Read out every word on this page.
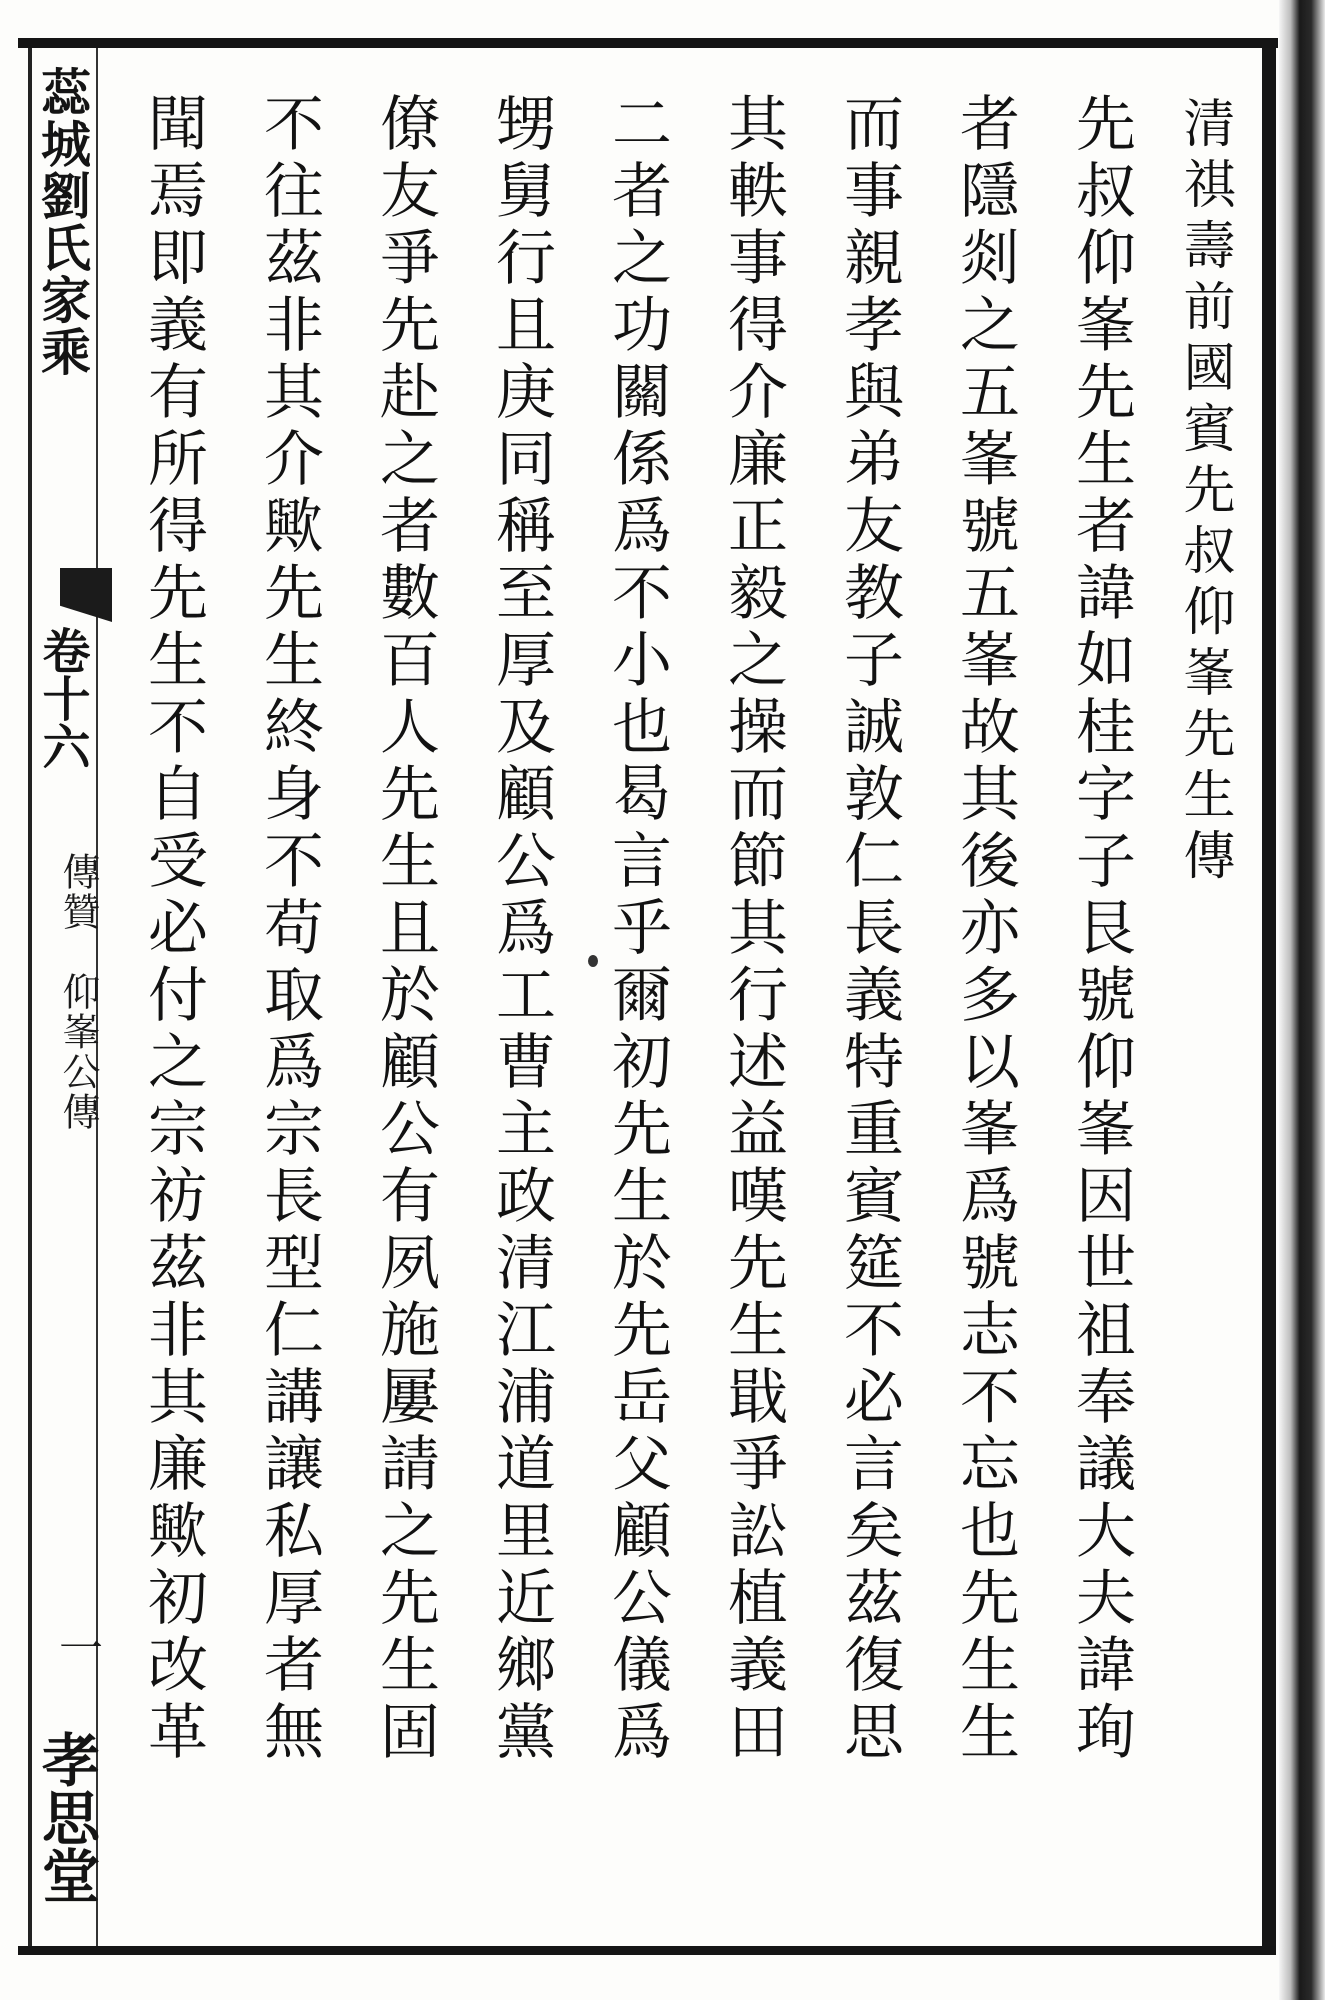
蕊城劉氏家乘
卷十六
傳贊　仰峯公傳
一
孝思堂
清祺壽前國賓先叔仰峯先生傳
先叔仰峯先生者諱如桂字子艮號仰峯因世祖奉議大夫諱珣
者隱剡之五峯號五峯故其後亦多以峯爲號志不忘也先生生
而事親孝與弟友教子誠敦仁長義特重賓筵不必言矣茲復思
其軼事得介廉正毅之操而節其行述益嘆先生戢爭訟植義田
二者之功關係爲不小也曷言乎爾初先生於先岳父顧公儀爲
甥舅行且庚同稱至厚及顧公爲工曹主政清江浦道里近鄉黨
僚友爭先赴之者數百人先生且於顧公有夙施屢請之先生固
不往茲非其介歟先生終身不苟取爲宗長型仁講讓私厚者無
聞焉即義有所得先生不自受必付之宗祊茲非其廉歟初改革
